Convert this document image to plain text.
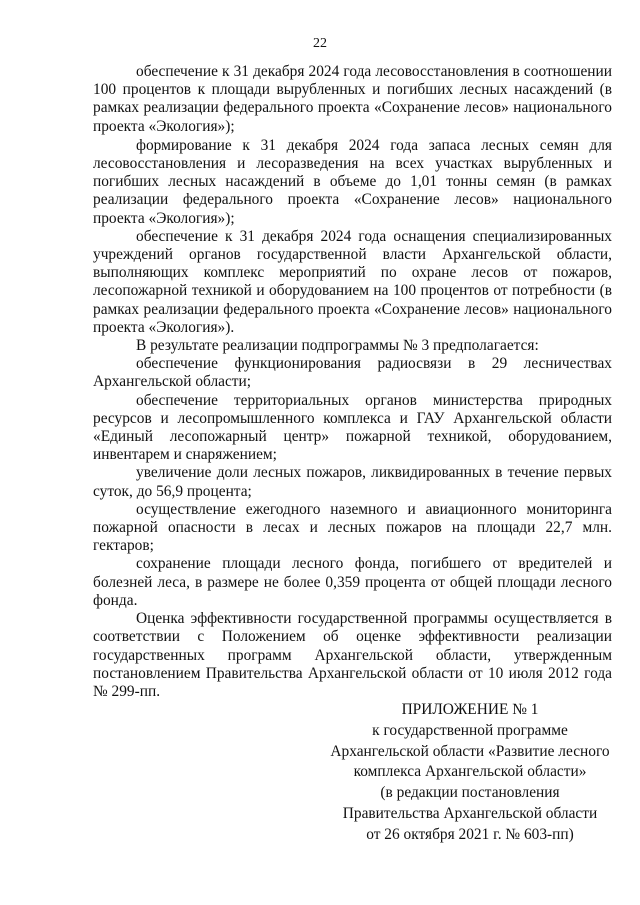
22

обеспечение к 31 декабря 2024 года лесовосстановления в соотношении 100 процентов к площади вырубленных и погибших лесных насаждений (в рамках реализации федерального проекта «Сохранение лесов» национального проекта «Экология»);

формирование к 31 декабря 2024 года запаса лесных семян для лесовосстановления и лесоразведения на всех участках вырубленных и погибших лесных насаждений в объеме до 1,01 тонны семян (в рамках реализации федерального проекта «Сохранение лесов» национального проекта «Экология»);

обеспечение к 31 декабря 2024 года оснащения специализированных учреждений органов государственной власти Архангельской области, выполняющих комплекс мероприятий по охране лесов от пожаров, лесопожарной техникой и оборудованием на 100 процентов от потребности (в рамках реализации федерального проекта «Сохранение лесов» национального проекта «Экология»).

В результате реализации подпрограммы № 3 предполагается:

обеспечение функционирования радиосвязи в 29 лесничествах Архангельской области;

обеспечение территориальных органов министерства природных ресурсов и лесопромышленного комплекса и ГАУ Архангельской области «Единый лесопожарный центр» пожарной техникой, оборудованием, инвентарем и снаряжением;

увеличение доли лесных пожаров, ликвидированных в течение первых суток, до 56,9 процента;

осуществление ежегодного наземного и авиационного мониторинга пожарной опасности в лесах и лесных пожаров на площади 22,7 млн. гектаров;

сохранение площади лесного фонда, погибшего от вредителей и болезней леса, в размере не более 0,359 процента от общей площади лесного фонда.

Оценка эффективности государственной программы осуществляется в соответствии с Положением об оценке эффективности реализации государственных программ Архангельской области, утвержденным постановлением Правительства Архангельской области от 10 июля 2012 года № 299-пп.

ПРИЛОЖЕНИЕ № 1
к государственной программе
Архангельской области «Развитие лесного
комплекса Архангельской области»
(в редакции постановления
Правительства Архангельской области
от 26 октября 2021 г. № 603-пп)
